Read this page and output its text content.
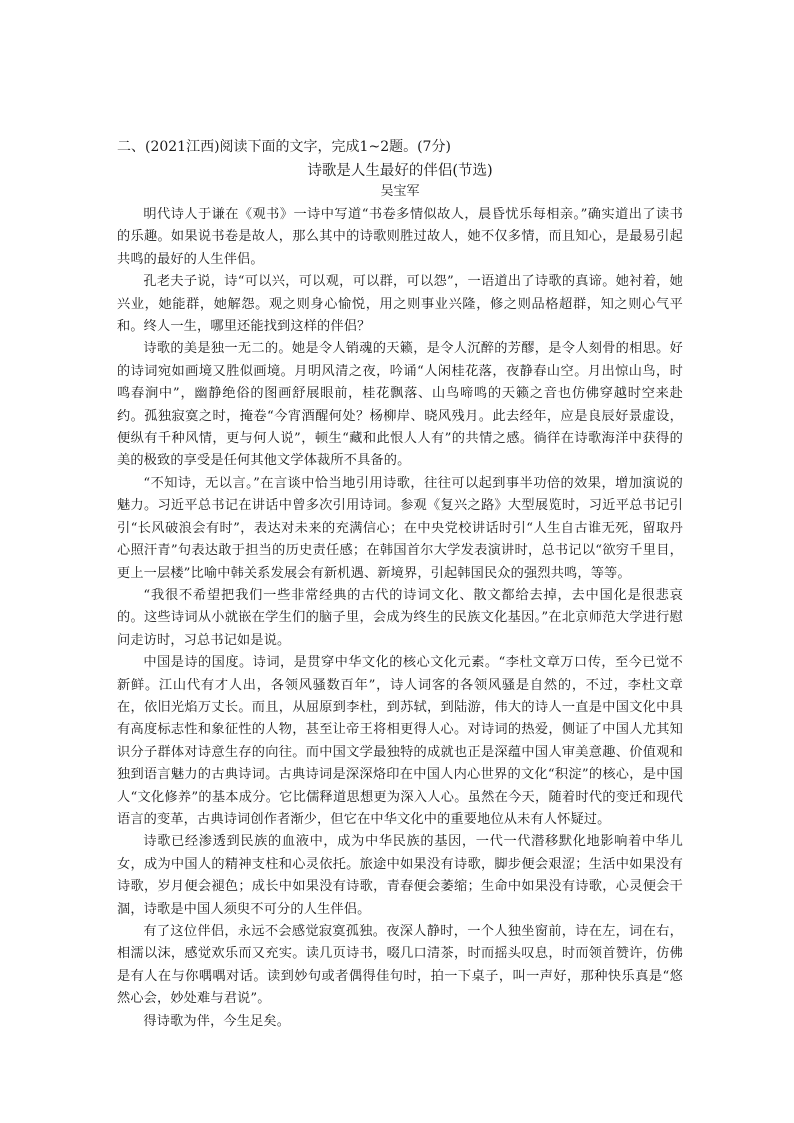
二、(2021江西)阅读下面的文字，完成1~2题。(7分)

诗歌是人生最好的伴侣(节选)

吴宝军

明代诗人于谦在《观书》一诗中写道“书卷多情似故人，晨昏忧乐每相亲。”确实道出了读书的乐趣。如果说书卷是故人，那么其中的诗歌则胜过故人，她不仅多情，而且知心，是最易引起共鸣的最好的人生伴侣。

孔老夫子说，诗“可以兴，可以观，可以群，可以怨”，一语道出了诗歌的真谛。她衬着，她兴业，她能群，她解怨。观之则身心愉悦，用之则事业兴隆，修之则品格超群，知之则心气平和。终人一生，哪里还能找到这样的伴侣？

诗歌的美是独一无二的。她是令人销魂的天籁，是令人沉醉的芳醪，是令人刻骨的相思。好的诗词宛如画境又胜似画境。月明风清之夜，吟诵“人闲桂花落，夜静春山空。月出惊山鸟，时鸣春涧中”，幽静绝俗的图画舒展眼前，桂花飘落、山鸟啼鸣的天籁之音也仿佛穿越时空来赴约。孤独寂寞之时，掩卷“今宵酒醒何处？杨柳岸、晓风残月。此去经年，应是良辰好景虚设，便纵有千种风情，更与何人说”，顿生“藏和此恨人人有”的共情之感。徜徉在诗歌海洋中获得的美的极致的享受是任何其他文学体裁所不具备的。

“不知诗，无以言。”在言谈中恰当地引用诗歌，往往可以起到事半功倍的效果，增加演说的魅力。习近平总书记在讲话中曾多次引用诗词。参观《复兴之路》大型展览时，习近平总书记引引“长风破浪会有时”，表达对未来的充满信心；在中央党校讲话时引“人生自古谁无死，留取丹心照汗青”句表达敢于担当的历史责任感；在韩国首尔大学发表演讲时，总书记以“欲穷千里目，更上一层楼”比喻中韩关系发展会有新机遇、新境界，引起韩国民众的强烈共鸣，等等。

“我很不希望把我们一些非常经典的古代的诗词文化、散文都给去掉，去中国化是很悲哀的。这些诗词从小就嵌在学生们的脑子里，会成为终生的民族文化基因。”在北京师范大学进行慰问走访时，习总书记如是说。

中国是诗的国度。诗词，是贯穿中华文化的核心文化元素。“李杜文章万口传，至今已觉不新鲜。江山代有才人出，各领风骚数百年”，诗人词客的各领风骚是自然的，不过，李杜文章在，依旧光焰万丈长。而且，从屈原到李杜，到苏轼，到陆游，伟大的诗人一直是中国文化中具有高度标志性和象征性的人物，甚至让帝王将相更得人心。对诗词的热爱，侧证了中国人尤其知识分子群体对诗意生存的向往。而中国文学最独特的成就也正是深蕴中国人审美意趣、价值观和独到语言魅力的古典诗词。古典诗词是深深烙印在中国人内心世界的文化“积淀”的核心，是中国人“文化修养”的基本成分。它比儒释道思想更为深入人心。虽然在今天，随着时代的变迁和现代语言的变革，古典诗词创作者渐少，但它在中华文化中的重要地位从未有人怀疑过。

诗歌已经渗透到民族的血液中，成为中华民族的基因，一代一代潜移默化地影响着中华儿女，成为中国人的精神支柱和心灵依托。旅途中如果没有诗歌，脚步便会艰涩；生活中如果没有诗歌，岁月便会褪色；成长中如果没有诗歌，青春便会萎缩；生命中如果没有诗歌，心灵便会干涸，诗歌是中国人须臾不可分的人生伴侣。

有了这位伴侣，永远不会感觉寂寞孤独。夜深人静时，一个人独坐窗前，诗在左，词在右，相濡以沫，感觉欢乐而又充实。读几页诗书，啜几口清茶，时而摇头叹息，时而领首赞许，仿佛是有人在与你喁喁对话。读到妙句或者偶得佳句时，拍一下桌子，叫一声好，那种快乐真是“悠然心会，妙处难与君说”。

得诗歌为伴，今生足矣。
